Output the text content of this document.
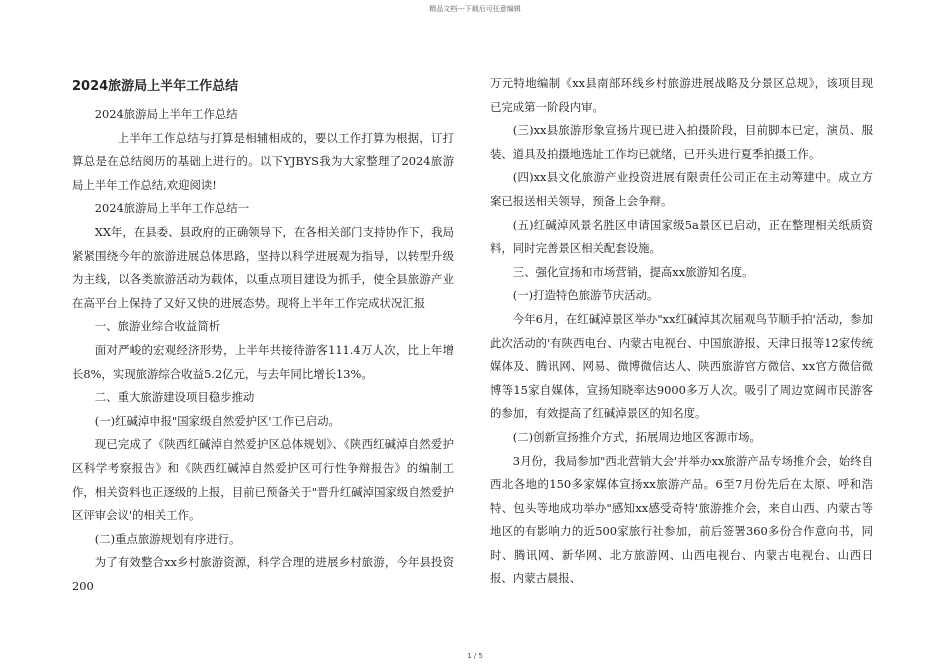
精品文档---下载后可任意编辑
2024旅游局上半年工作总结

2024旅游局上半年工作总结

上半年工作总结与打算是相辅相成的，要以工作打算为根据，订打算总是在总结阅历的基础上进行的。以下YJBYS我为大家整理了2024旅游局上半年工作总结,欢迎阅读!

2024旅游局上半年工作总结一

XX年，在县委、县政府的正确领导下，在各相关部门支持协作下，我局紧紧围绕今年的旅游进展总体思路，坚持以科学进展观为指导，以转型升级为主线，以各类旅游活动为载体，以重点项目建设为抓手，使全县旅游产业在高平台上保持了又好又快的进展态势。现将上半年工作完成状况汇报

一、旅游业综合收益简析

面对严峻的宏观经济形势，上半年共接待游客111.4万人次，比上年增长8%，实现旅游综合收益5.2亿元，与去年同比增长13%。

二、重大旅游建设项目稳步推动

(一)红碱淖申报"国家级自然爱护区'工作已启动。

现已完成了《陕西红碱淖自然爱护区总体规划》、《陕西红碱淖自然爱护区科学考察报告》和《陕西红碱淖自然爱护区可行性争辩报告》的编制工作，相关资料也正逐级的上报，目前已预备关于"晋升红碱淖国家级自然爱护区评审会议'的相关工作。

(二)重点旅游规划有序进行。

为了有效整合xx乡村旅游资源，科学合理的进展乡村旅游，今年县投资200

万元特地编制《xx县南部环线乡村旅游进展战略及分景区总规》，该项目现已完成第一阶段内审。

(三)xx县旅游形象宣扬片现已进入拍摄阶段，目前脚本已定，演员、服装、道具及拍摄地选址工作均已就绪，已开头进行夏季拍摄工作。

(四)xx县文化旅游产业投资进展有限责任公司正在主动筹建中。成立方案已报送相关领导，预备上会争辩。

(五)红碱淖风景名胜区申请国家级5a景区已启动，正在整理相关纸质资料，同时完善景区相关配套设施。

三、强化宣扬和市场营销，提高xx旅游知名度。

(一)打造特色旅游节庆活动。

今年6月，在红碱淖景区举办"xx红碱淖其次届观鸟节顺手拍'活动，参加此次活动的'有陕西电台、内蒙古电视台、中国旅游报、天津日报等12家传统媒体及、腾讯网、网易、微博微信达人、陕西旅游官方微信、xx官方微信微博等15家自媒体，宣扬知晓率达9000多万人次。吸引了周边宽阔市民游客的参加，有效提高了红碱淖景区的知名度。

(二)创新宣扬推介方式，拓展周边地区客源市场。

3月份，我局参加"西北营销大会'并举办xx旅游产品专场推介会，始终自西北各地的150多家媒体宣扬xx旅游产品。6至7月份先后在太原、呼和浩特、包头等地成功举办"感知xx感受奇特'旅游推介会，来自山西、内蒙古等地区的有影响力的近500家旅行社参加，前后签署360多份合作意向书，同时、腾讯网、新华网、北方旅游网、山西电视台、内蒙古电视台、山西日报、内蒙古晨报、

1 / 5
